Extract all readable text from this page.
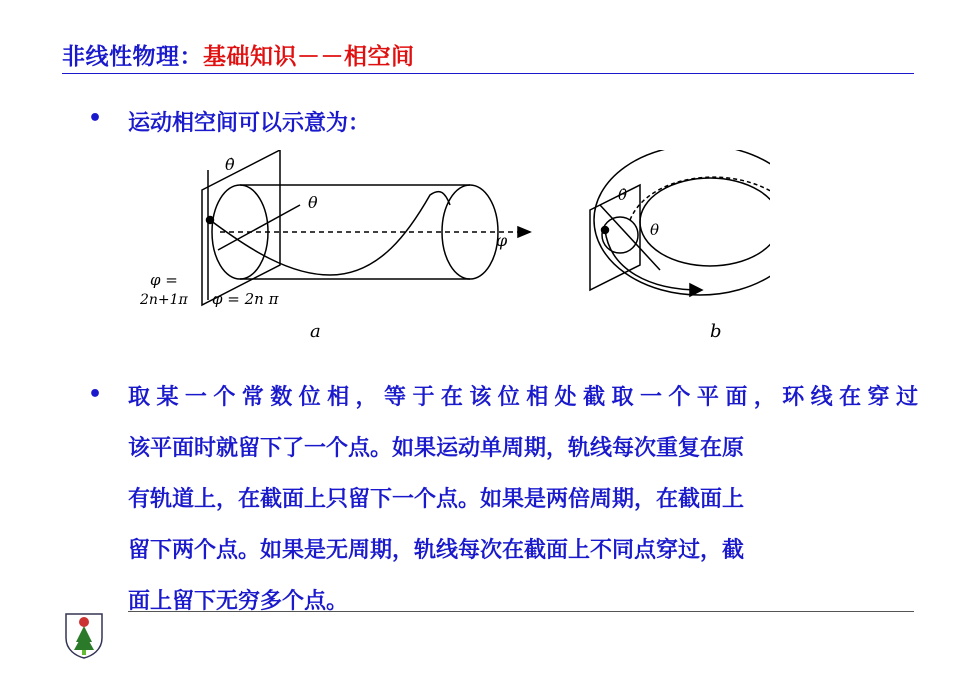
非线性物理：基础知识－－相空间
• 运动相空间可以示意为：
θ̇
θ
φ
φ =
2n+1π φ = 2n π
a
θ̇
θ
b
• 取某一个常数位相，等于在该位相处截取一个平面，环线在穿过
该平面时就留下了一个点。如果运动单周期，轨线每次重复在原
有轨道上，在截面上只留下一个点。如果是两倍周期，在截面上
留下两个点。如果是无周期，轨线每次在截面上不同点穿过，截
面上留下无穷多个点。
